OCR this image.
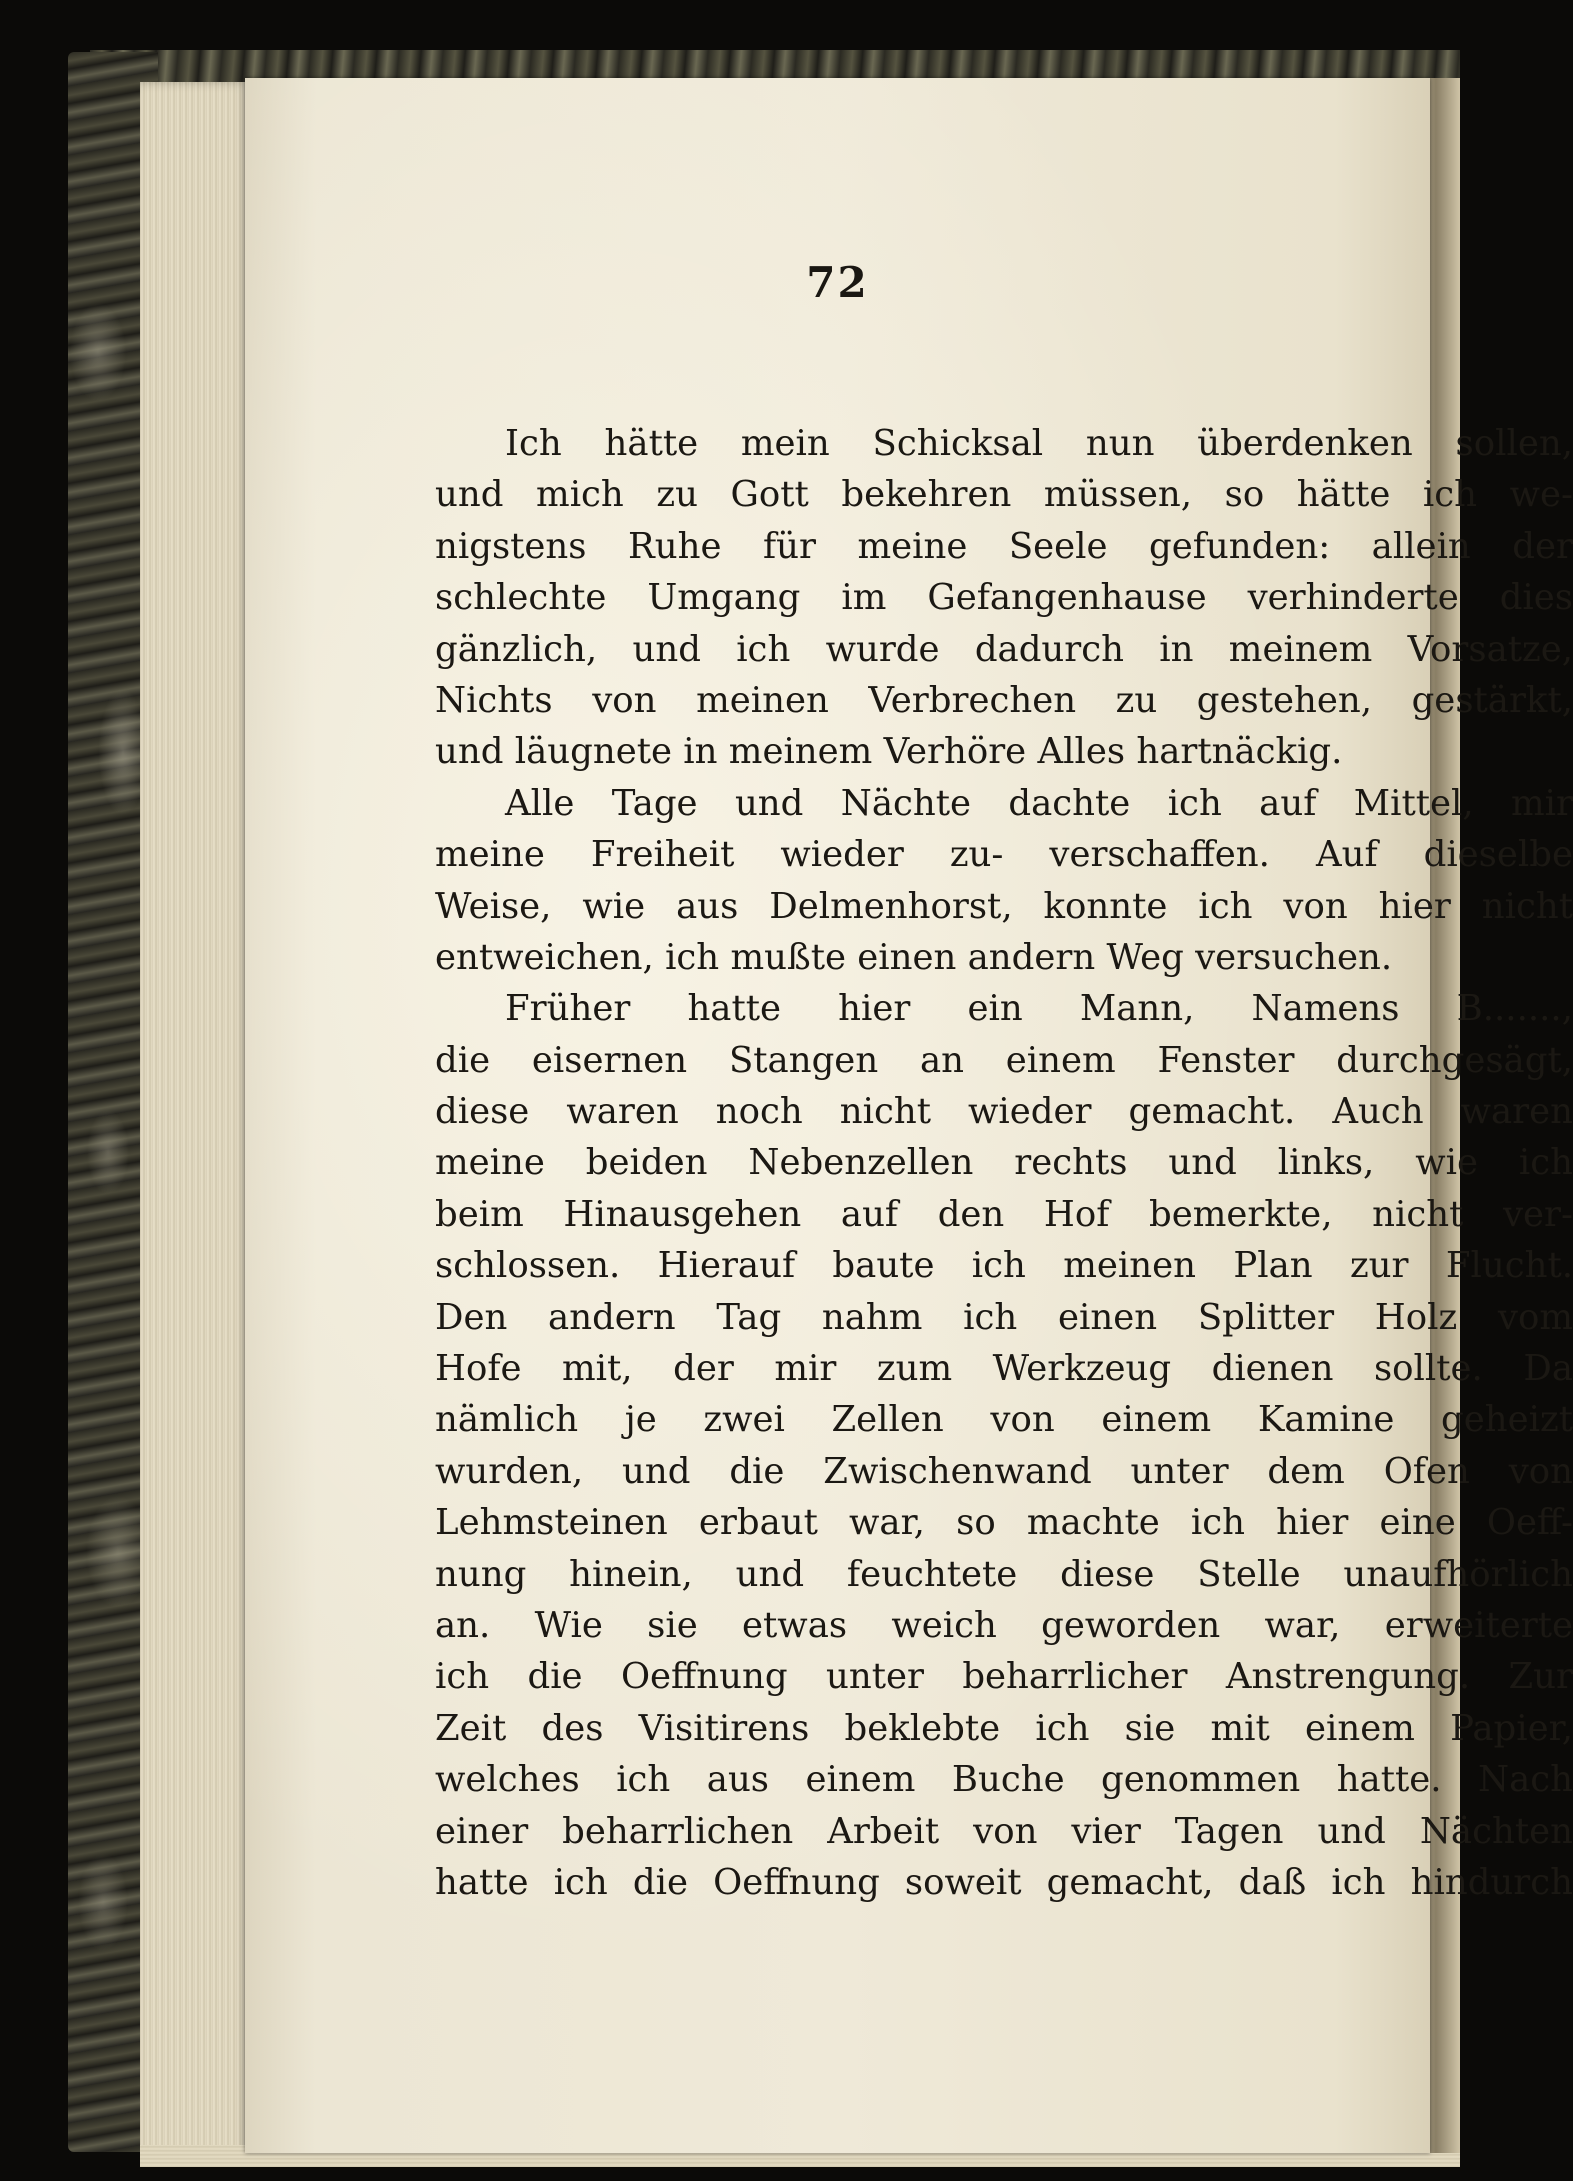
72
Ich hätte mein Schicksal nun überdenken sollen,
und mich zu Gott bekehren müssen, so hätte ich we-
nigstens Ruhe für meine Seele gefunden: allein der
schlechte Umgang im Gefangenhause verhinderte dies
gänzlich, und ich wurde dadurch in meinem Vorsatze,
Nichts von meinen Verbrechen zu gestehen, gestärkt,
und läugnete in meinem Verhöre Alles hartnäckig.
Alle Tage und Nächte dachte ich auf Mittel, mir
meine Freiheit wieder zu- verschaffen. Auf dieselbe
Weise, wie aus Delmenhorst, konnte ich von hier nicht
entweichen, ich mußte einen andern Weg versuchen.
Früher hatte hier ein Mann, Namens B.......,
die eisernen Stangen an einem Fenster durchgesägt,
diese waren noch nicht wieder gemacht. Auch waren
meine beiden Nebenzellen rechts und links, wie ich
beim Hinausgehen auf den Hof bemerkte, nicht ver-
schlossen. Hierauf baute ich meinen Plan zur Flucht.
Den andern Tag nahm ich einen Splitter Holz vom
Hofe mit, der mir zum Werkzeug dienen sollte. Da
nämlich je zwei Zellen von einem Kamine geheizt
wurden, und die Zwischenwand unter dem Ofen von
Lehmsteinen erbaut war, so machte ich hier eine Oeff-
nung hinein, und feuchtete diese Stelle unaufhörlich
an. Wie sie etwas weich geworden war, erweiterte
ich die Oeffnung unter beharrlicher Anstrengung. Zur
Zeit des Visitirens beklebte ich sie mit einem Papier,
welches ich aus einem Buche genommen hatte. Nach
einer beharrlichen Arbeit von vier Tagen und Nächten
hatte ich die Oeffnung soweit gemacht, daß ich hindurch
